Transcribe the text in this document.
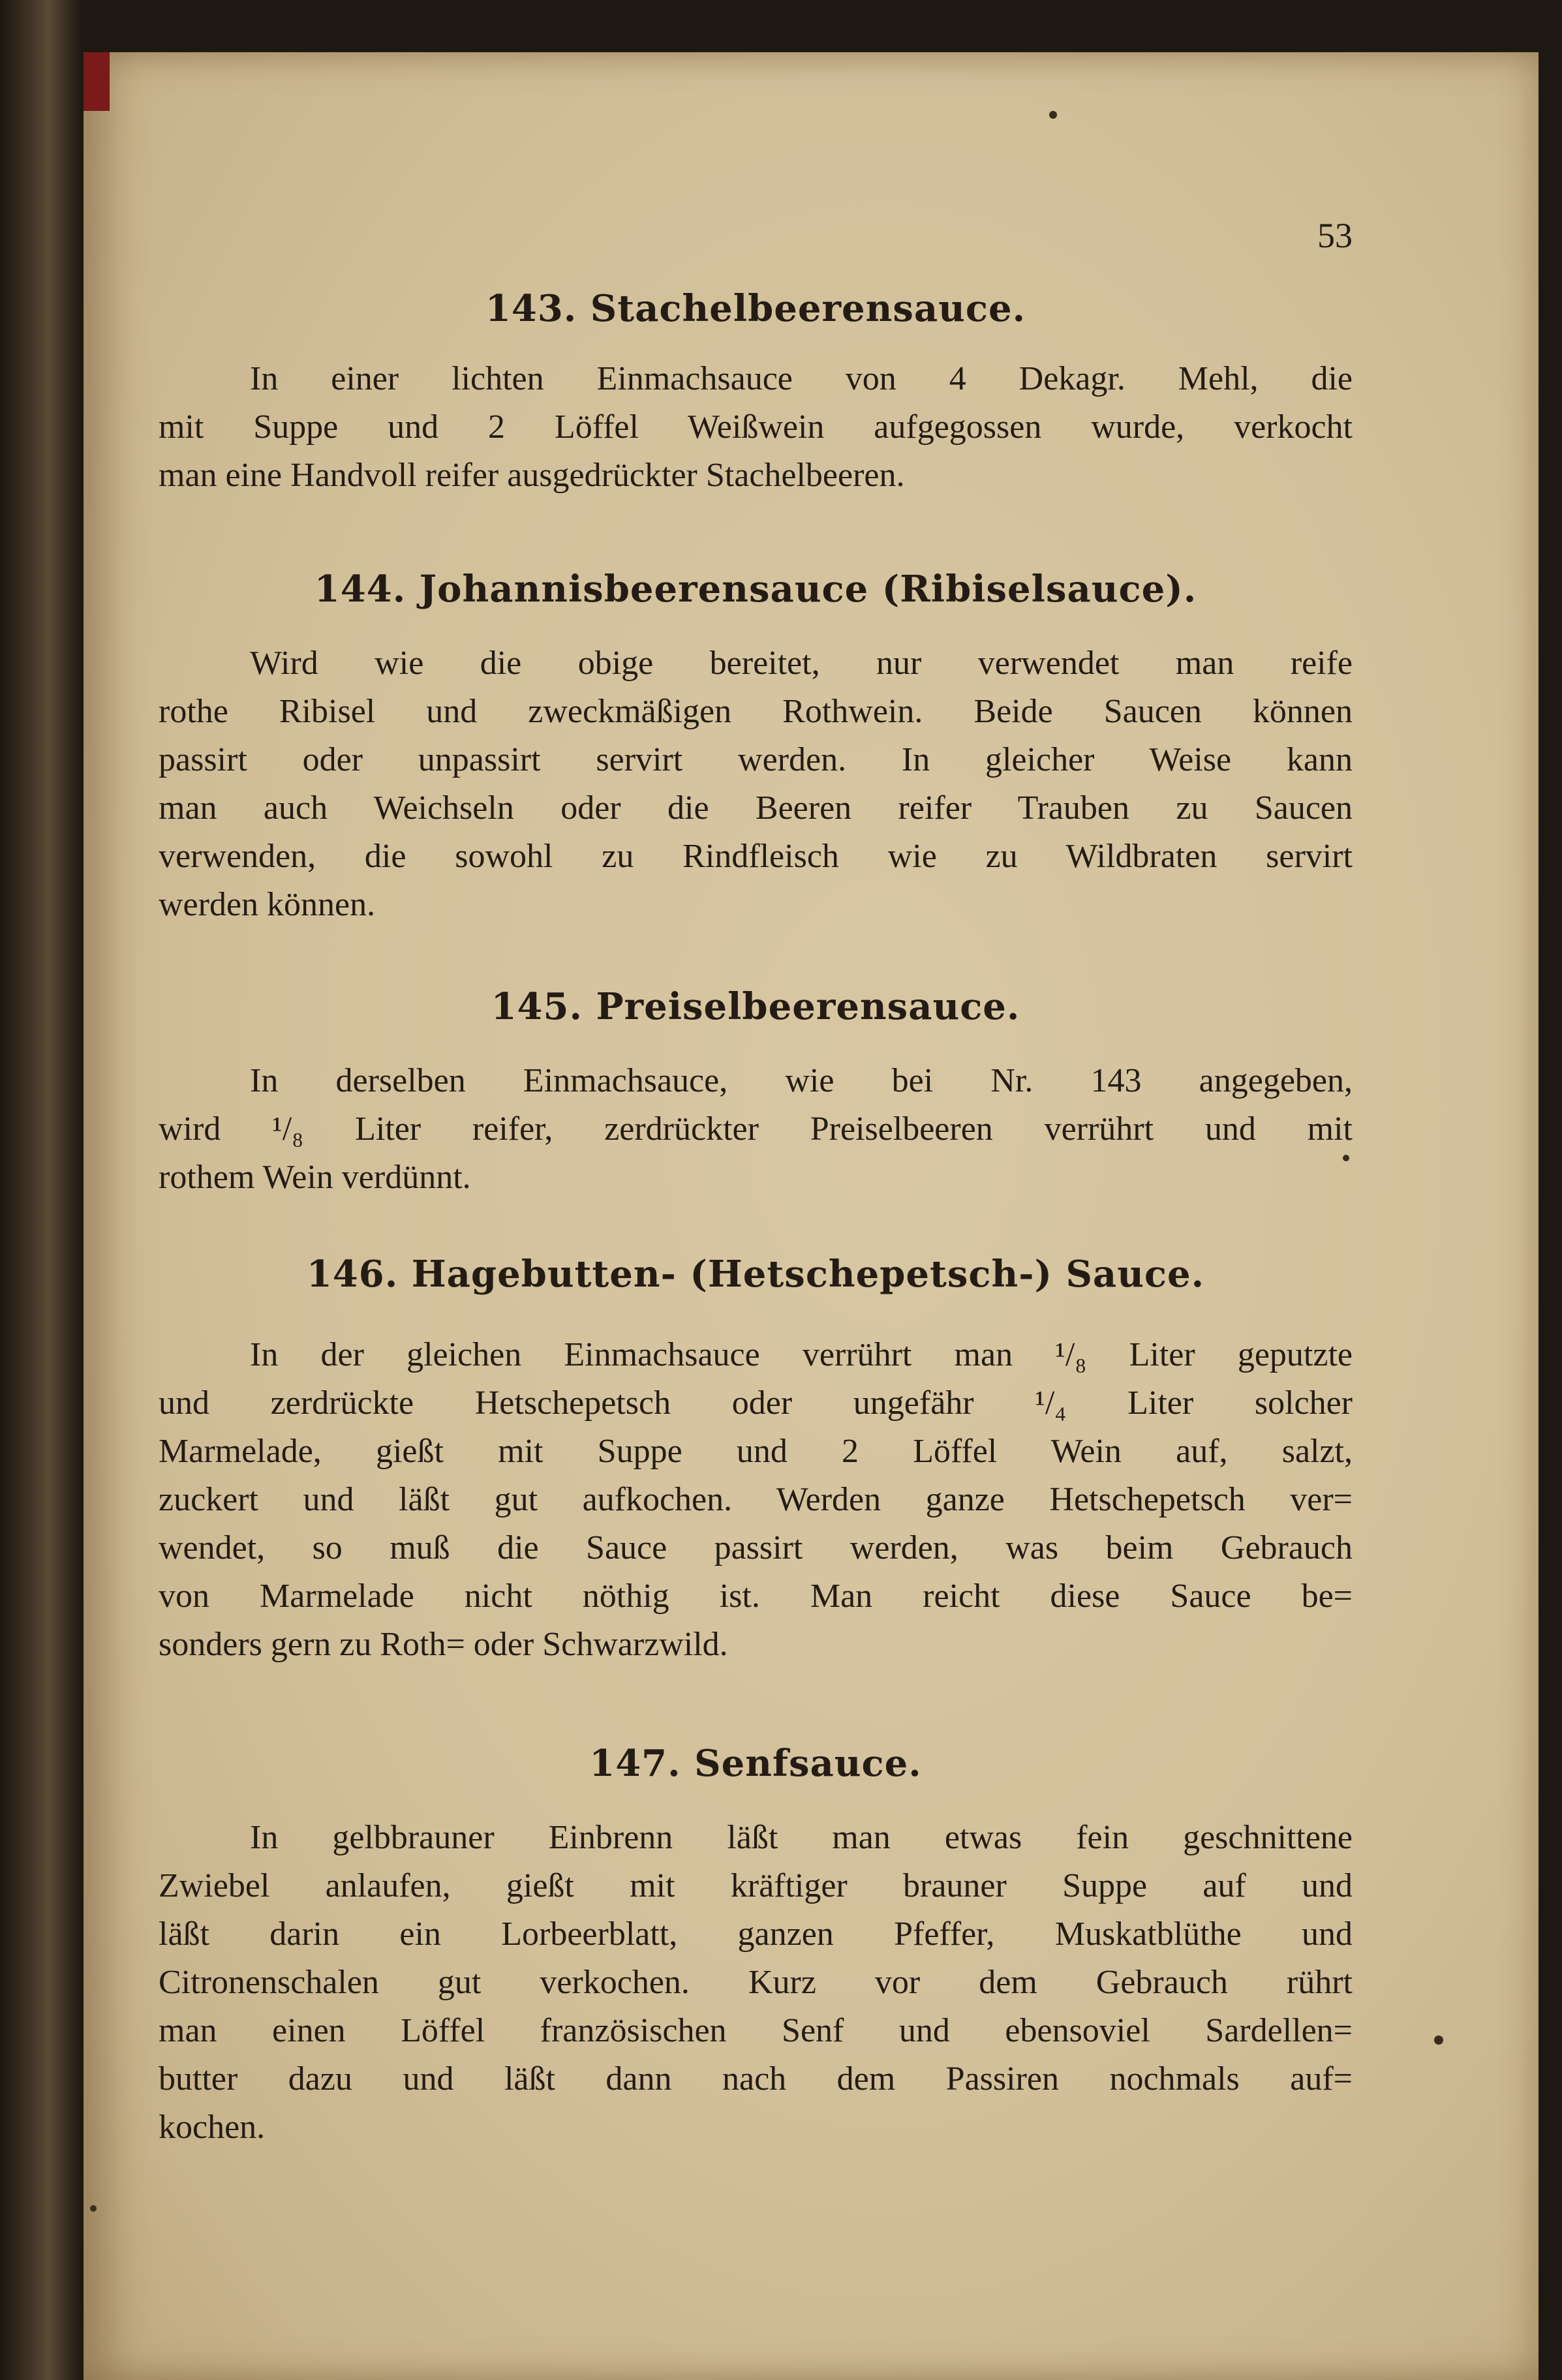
53
143. Stachelbeerensauce.
In einer lichten Einmachsauce von 4 Dekagr. Mehl, die
mit Suppe und 2 Löffel Weißwein aufgegossen wurde, verkocht
man eine Handvoll reifer ausgedrückter Stachelbeeren.
144. Johannisbeerensauce (Ribiselsauce).
Wird wie die obige bereitet, nur verwendet man reife
rothe Ribisel und zweckmäßigen Rothwein. Beide Saucen können
passirt oder unpassirt servirt werden. In gleicher Weise kann
man auch Weichseln oder die Beeren reifer Trauben zu Saucen
verwenden, die sowohl zu Rindfleisch wie zu Wildbraten servirt
werden können.
145. Preiselbeerensauce.
In derselben Einmachsauce, wie bei Nr. 143 angegeben,
wird ¹/₈ Liter reifer, zerdrückter Preiselbeeren verrührt und mit
rothem Wein verdünnt.
146. Hagebutten- (Hetschepetsch-) Sauce.
In der gleichen Einmachsauce verrührt man ¹/₈ Liter geputzte
und zerdrückte Hetschepetsch oder ungefähr ¹/₄ Liter solcher
Marmelade, gießt mit Suppe und 2 Löffel Wein auf, salzt,
zuckert und läßt gut aufkochen. Werden ganze Hetschepetsch ver=
wendet, so muß die Sauce passirt werden, was beim Gebrauch
von Marmelade nicht nöthig ist. Man reicht diese Sauce be=
sonders gern zu Roth= oder Schwarzwild.
147. Senfsauce.
In gelbbrauner Einbrenn läßt man etwas fein geschnittene
Zwiebel anlaufen, gießt mit kräftiger brauner Suppe auf und
läßt darin ein Lorbeerblatt, ganzen Pfeffer, Muskatblüthe und
Citronenschalen gut verkochen. Kurz vor dem Gebrauch rührt
man einen Löffel französischen Senf und ebensoviel Sardellen=
butter dazu und läßt dann nach dem Passiren nochmals auf=
kochen.
